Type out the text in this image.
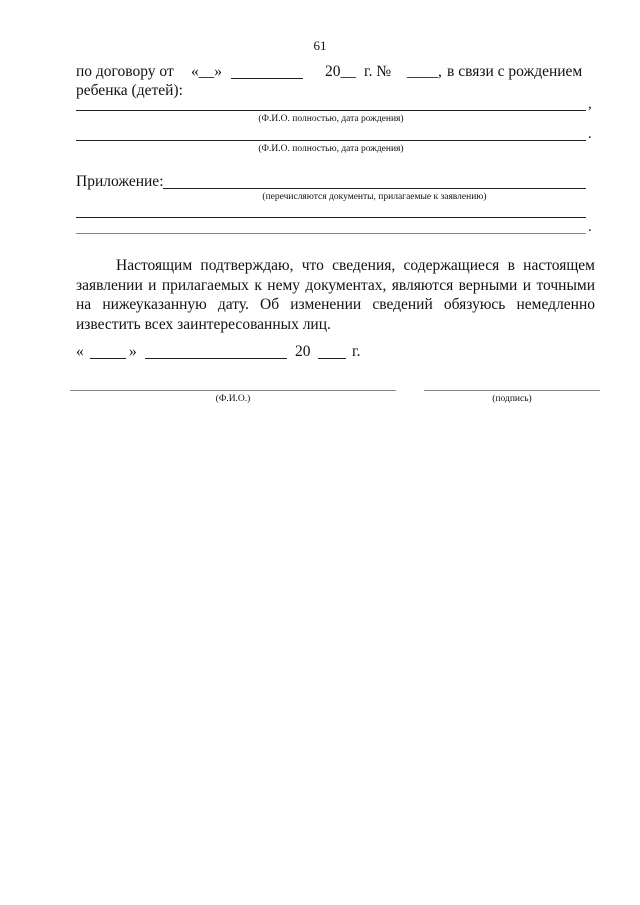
61
по договору от «__»	20__ г. № ____, в связи с рождением
ребенка (детей):
,
(Ф.И.О. полностью, дата рождения)
.
(Ф.И.О. полностью, дата рождения)
Приложение:
(перечисляются документы, прилагаемые к заявлению)
.
Настоящим подтверждаю, что сведения, содержащиеся в настоящем заявлении и прилагаемых к нему документах, являются верными и точными на нижеуказанную дату. Об изменении сведений обязуюсь немедленно известить всех заинтересованных лиц.
«	»	20	г.
(Ф.И.О.)	(подпись)
